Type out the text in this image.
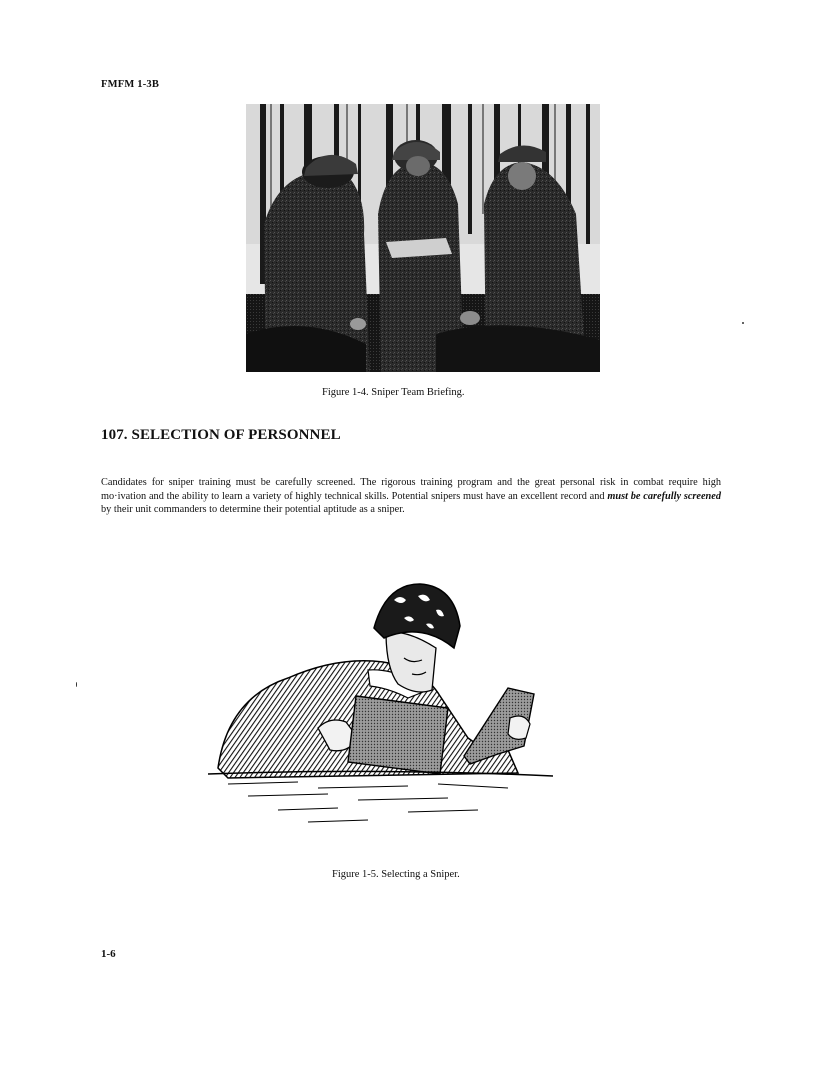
FMFM 1-3B
Figure 1-4. Sniper Team Briefing.
107. SELECTION OF PERSONNEL

Candidates for sniper training must be carefully screened. The rigorous training program and the great personal risk in combat require high mo·ivation and the ability to learn a variety of highly technical skills. Potential snipers must have an excellent record and must be carefully screened by their unit commanders to determine their potential aptitude as a sniper.

Figure 1-5. Selecting a Sniper.
1-6
